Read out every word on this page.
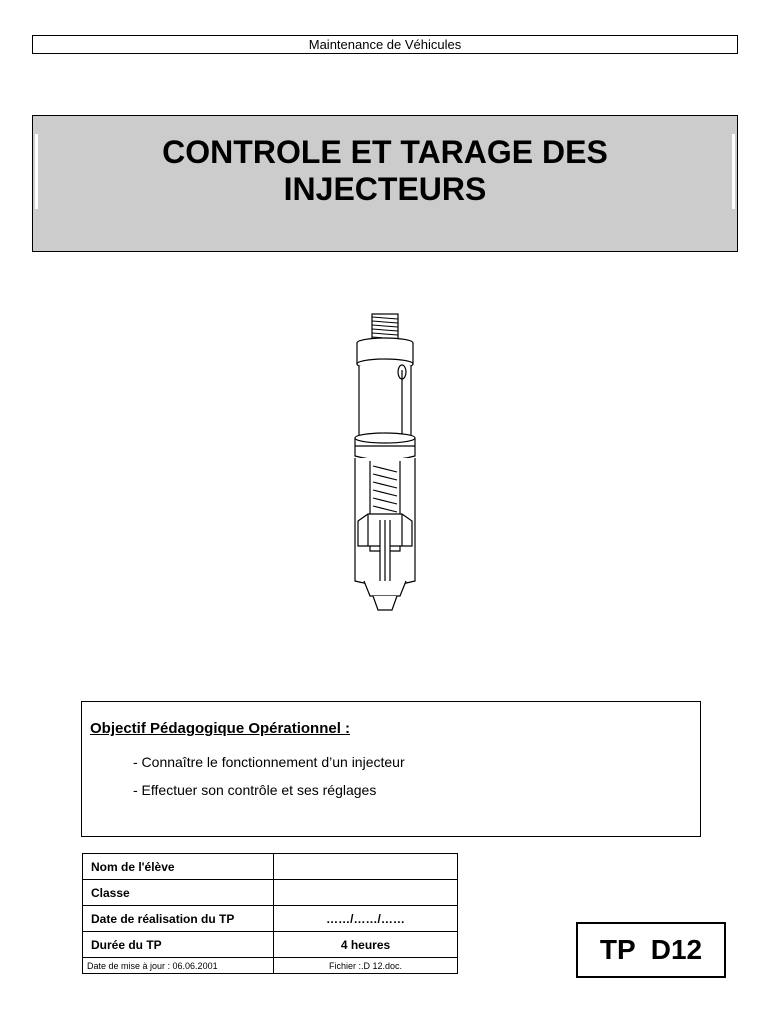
Maintenance de Véhicules
CONTROLE ET TARAGE DES
INJECTEURS
Objectif Pédagogique Opérationnel :
- Connaître le fonctionnement d’un injecteur
- Effectuer son contrôle et ses réglages
Nom de l'élève	
Classe	
Date de réalisation du TP	……/……/……
Durée du TP	4 heures
Date de mise à jour : 06.06.2001	Fichier :.D 12.doc.
TP  D12
